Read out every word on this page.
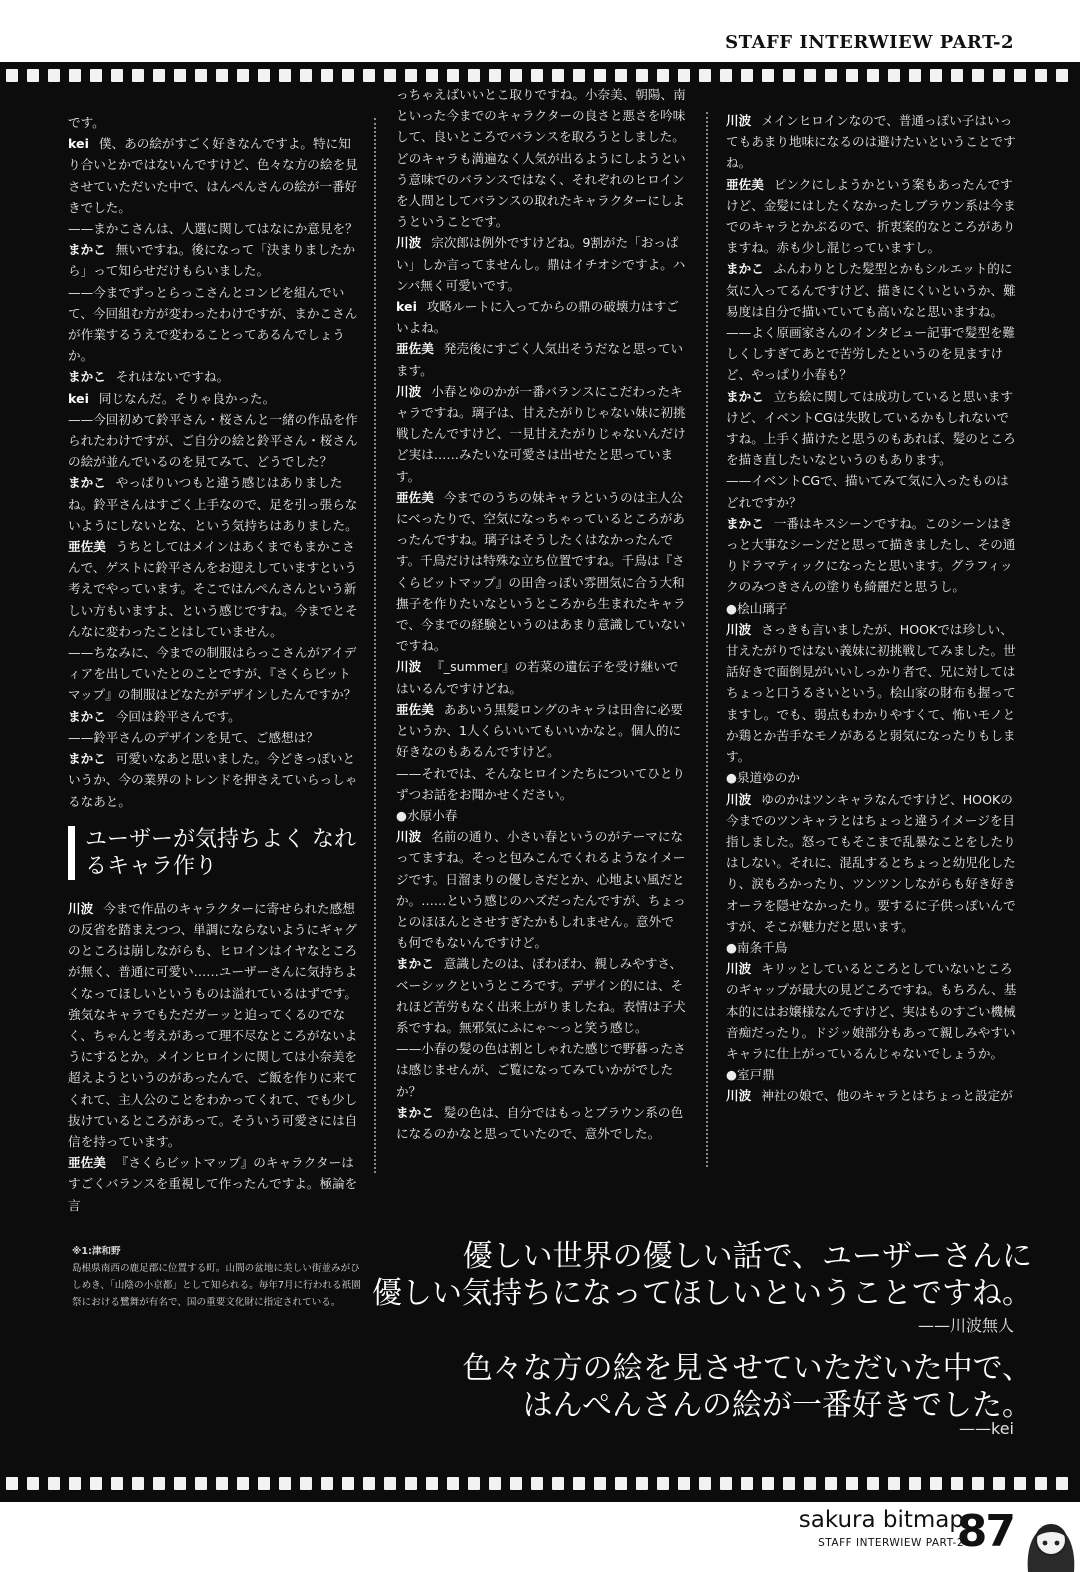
STAFF INTERWIEW PART-2

です。

kei 僕、あの絵がすごく好きなんですよ。特に知り合いとかではないんですけど、色々な方の絵を見させていただいた中で、はんぺんさんの絵が一番好きでした。

——まかこさんは、人選に関してはなにか意見を？

まかこ 無いですね。後になって「決まりましたから」って知らせだけもらいました。

——今までずっとらっこさんとコンビを組んでいて、今回組む方が変わったわけですが、まかこさんが作業するうえで変わることってあるんでしょうか。

まかこ それはないですね。

kei 同じなんだ。そりゃ良かった。

——今回初めて鈴平さん・桜さんと一緒の作品を作られたわけですが、ご自分の絵と鈴平さん・桜さんの絵が並んでいるのを見てみて、どうでした？

まかこ やっぱりいつもと違う感じはありましたね。鈴平さんはすごく上手なので、足を引っ張らないようにしないとな、という気持ちはありました。

亜佐美 うちとしてはメインはあくまでもまかこさんで、ゲストに鈴平さんをお迎えしていますという考えでやっています。そこではんぺんさんという新しい方もいますよ、という感じですね。今までとそんなに変わったことはしていません。

——ちなみに、今までの制服はらっこさんがアイディアを出していたとのことですが、『さくらビットマップ』の制服はどなたがデザインしたんですか？

まかこ 今回は鈴平さんです。

——鈴平さんのデザインを見て、ご感想は？

まかこ 可愛いなあと思いました。今どきっぽいというか、今の業界のトレンドを押さえていらっしゃるなあと。

ユーザーが気持ちよく なれるキャラ作り

川波 今まで作品のキャラクターに寄せられた感想の反省を踏まえつつ、単調にならないようにギャグのところは崩しながらも、ヒロインはイヤなところが無く、普通に可愛い……ユーザーさんに気持ちよくなってほしいというものは溢れているはずです。強気なキャラでもただガーッと迫ってくるのでなく、ちゃんと考えがあって理不尽なところがないようにするとか。メインヒロインに関しては小奈美を超えようというのがあったんで、ご飯を作りに来てくれて、主人公のことをわかってくれて、でも少し抜けているところがあって。そういう可愛さには自信を持っています。

亜佐美 『さくらビットマップ』のキャラクターはすごくバランスを重視して作ったんですよ。極論を言

っちゃえばいいとこ取りですね。小奈美、朝陽、南といった今までのキャラクターの良さと悪さを吟味して、良いところでバランスを取ろうとしました。どのキャラも満遍なく人気が出るようにしようという意味でのバランスではなく、それぞれのヒロインを人間として​バランスの取れたキャラクターにしようということです。

川波 宗次郎は例外ですけどね。9割がた「おっぱい」しか言ってませんし。鼎はイチオシですよ。ハンパ無く可愛いです。

kei 攻略ルートに入ってからの鼎の破壊力はすごいよね。

亜佐美 発売後にすごく人気出そうだなと思っています。

川波 小春とゆのかが一番バランスにこだわったキャラですね。璃子は、甘えたがりじゃない妹に初挑戦したんですけど、一見甘えたがりじゃないんだけど実は……みたいな可愛さは出せたと思っています。

亜佐美 今までのうちの妹キャラというのは主人公にべったりで、空気になっちゃっているところがあったんですね。璃子はそうしたくはなかったんです。千鳥だけは特殊な立ち位置ですね。千鳥は『さくらビットマップ』の田舎っぽい雰囲気に合う大和撫子を作りたいなというところから生まれたキャラで、今までの経験というのはあまり意識していないですね。

川波 『_summer』の若菜の遺伝子を受け継いではいるんですけどね。

亜佐美 ああいう黒髪ロングのキャラは田舎に必要というか、1人くらいいてもいいかなと。個人的に好きなのもあるんですけど。

——それでは、そんなヒロインたちについてひとりずつお話をお聞かせください。

●水原小春

川波 名前の通り、小さい春というのがテーマになってますね。そっと包みこんでくれるようなイメージです。日溜まりの優しさだとか、心地よい風だとか。……という感じのハズだったんですが、ちょっとのほほんとさせすぎたかもしれません。意外でも何でもないんですけど。

まかこ 意識したのは、ぽわぽわ、親しみやすさ、ベーシックというところです。デザイン的には、それほど苦労もなく出来上がりましたね。表情は子犬系ですね。無邪気にふにゃ〜っと笑う感じ。

——小春の髪の色は割としゃれた感じで野暮ったさは感じませんが、ご覧になってみていかがでしたか？

まかこ 髪の色は、自分ではもっとブラウン系の色になるのかなと思っていたので、意外でした。

川波 メインヒロインなので、普通っぽい子はいってもあまり地味になるのは避けたいということですね。

亜佐美 ピンクにしようかという案もあったんですけど、金髪にはしたくなかったしブラウン系は今までのキャラとかぶるので、折衷案的なところがありますね。赤も少し混じっていますし。

まかこ ふんわりとした髪型とかもシルエット的に気に入ってるんですけど、描きにくいというか、難易度は自分で描いていても高いなと思いますね。

——よく原画家さんのインタビュー記事で髪型を難しくしすぎてあとで苦労したというのを見ますけど、やっぱり小春も？

まかこ 立ち絵に関しては成功していると思いますけど、イベントCGは失敗しているかもしれないですね。上手く描けたと思うのもあれば、髪のところを描き直したいなというのもあります。

——イベントCGで、描いてみて気に入ったものはどれですか？

まかこ 一番はキスシーンですね。このシーンはきっと大事なシーンだと思って描きましたし、その通りドラマティックになったと思います。グラフィックのみつきさんの塗りも綺麗だと思うし。

●桧山璃子

川波 さっきも言いましたが、HOOKでは珍しい、甘えたがりではない義妹に初挑戦してみました。世話好きで面倒見がいいしっかり者で、兄に対してはちょっと口うるさいという。桧山家の財布も握ってますし。でも、弱点もわかりやすくて、怖いモノとか鶏とか苦手なモノがあると弱気になったりもします。

●泉道ゆのか

川波 ゆのかはツンキャラなんですけど、HOOKの今までのツンキャラとはちょっと違うイメージを目指しました。怒ってもそこまで乱暴なことをしたりはしない。それに、混乱するとちょっと幼児化したり、涙もろかったり、ツンツンしながらも好き好きオーラを隠せなかったり。要するに子供っぽいんですが、そこが魅力だと思います。

●南条千鳥

川波 キリッとしているところとしていないところのギャップが最大の見どころですね。もちろん、基本的にはお嬢様なんですけど、実はものすごい機械音痴だったり。ドジッ娘部分もあって親しみやすいキャラに仕上がっているんじゃないでしょうか。

●室戸鼎

川波 神社の娘で、他のキャラとはちょっと設定が

※1:津和野
島根県南西の鹿足郡に位置する町。山間の盆地に美しい街並みがひしめき、「山陰の小京都」として知られる。毎年7月に行われる祇園祭における鷺舞が有名で、国の重要文化財に指定されている。
優しい世界の優しい話で、ユーザーさんに
優しい気持ちになってほしいということですね。
——川波無人
色々な方の絵を見させていただいた中で、
はんぺんさんの絵が一番好きでした。
——kei
sakura bitmap
STAFF INTERWIEW PART-2
87
